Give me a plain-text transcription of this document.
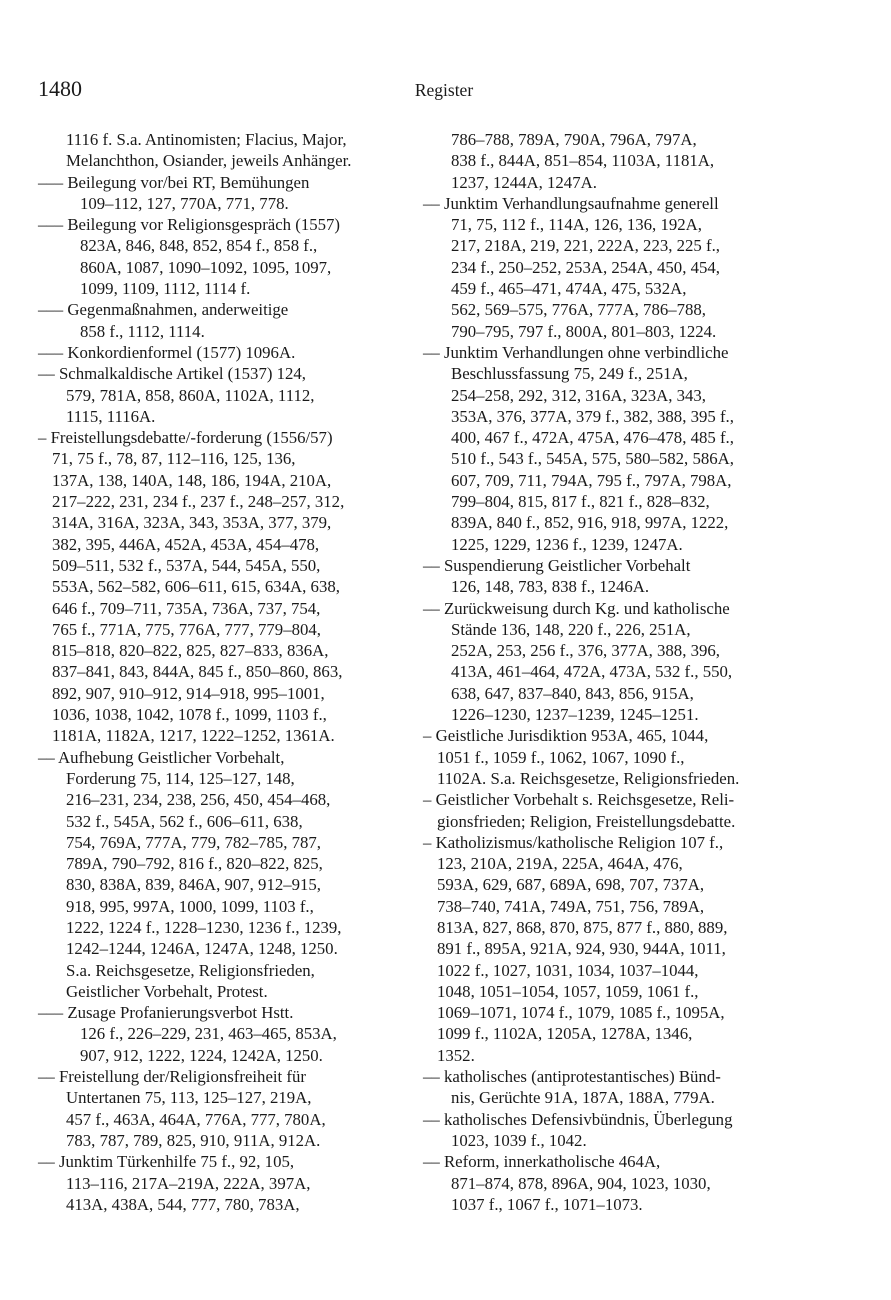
1480	Register
1116 f. S.a. Antinomisten; Flacius, Major,
Melanchthon, Osiander, jeweils Anhänger.
––– Beilegung vor/bei RT, Bemühungen
109–112, 127, 770A, 771, 778.
––– Beilegung vor Religionsgespräch (1557)
823A, 846, 848, 852, 854 f., 858 f.,
860A, 1087, 1090–1092, 1095, 1097,
1099, 1109, 1112, 1114 f.
––– Gegenmaßnahmen, anderweitige
858 f., 1112, 1114.
––– Konkordienformel (1577) 1096A.
–– Schmalkaldische Artikel (1537) 124,
579, 781A, 858, 860A, 1102A, 1112,
1115, 1116A.
– Freistellungsdebatte/-forderung (1556/57)
71, 75 f., 78, 87, 112–116, 125, 136,
137A, 138, 140A, 148, 186, 194A, 210A,
217–222, 231, 234 f., 237 f., 248–257, 312,
314A, 316A, 323A, 343, 353A, 377, 379,
382, 395, 446A, 452A, 453A, 454–478,
509–511, 532 f., 537A, 544, 545A, 550,
553A, 562–582, 606–611, 615, 634A, 638,
646 f., 709–711, 735A, 736A, 737, 754,
765 f., 771A, 775, 776A, 777, 779–804,
815–818, 820–822, 825, 827–833, 836A,
837–841, 843, 844A, 845 f., 850–860, 863,
892, 907, 910–912, 914–918, 995–1001,
1036, 1038, 1042, 1078 f., 1099, 1103 f.,
1181A, 1182A, 1217, 1222–1252, 1361A.
–– Aufhebung Geistlicher Vorbehalt,
Forderung 75, 114, 125–127, 148,
216–231, 234, 238, 256, 450, 454–468,
532 f., 545A, 562 f., 606–611, 638,
754, 769A, 777A, 779, 782–785, 787,
789A, 790–792, 816 f., 820–822, 825,
830, 838A, 839, 846A, 907, 912–915,
918, 995, 997A, 1000, 1099, 1103 f.,
1222, 1224 f., 1228–1230, 1236 f., 1239,
1242–1244, 1246A, 1247A, 1248, 1250.
S.a. Reichsgesetze, Religionsfrieden,
Geistlicher Vorbehalt, Protest.
––– Zusage Profanierungsverbot Hstt.
126 f., 226–229, 231, 463–465, 853A,
907, 912, 1222, 1224, 1242A, 1250.
–– Freistellung der/Religionsfreiheit für
Untertanen 75, 113, 125–127, 219A,
457 f., 463A, 464A, 776A, 777, 780A,
783, 787, 789, 825, 910, 911A, 912A.
–– Junktim Türkenhilfe 75 f., 92, 105,
113–116, 217A–219A, 222A, 397A,
413A, 438A, 544, 777, 780, 783A,
786–788, 789A, 790A, 796A, 797A,
838 f., 844A, 851–854, 1103A, 1181A,
1237, 1244A, 1247A.
–– Junktim Verhandlungsaufnahme generell
71, 75, 112 f., 114A, 126, 136, 192A,
217, 218A, 219, 221, 222A, 223, 225 f.,
234 f., 250–252, 253A, 254A, 450, 454,
459 f., 465–471, 474A, 475, 532A,
562, 569–575, 776A, 777A, 786–788,
790–795, 797 f., 800A, 801–803, 1224.
–– Junktim Verhandlungen ohne verbindliche
Beschlussfassung 75, 249 f., 251A,
254–258, 292, 312, 316A, 323A, 343,
353A, 376, 377A, 379 f., 382, 388, 395 f.,
400, 467 f., 472A, 475A, 476–478, 485 f.,
510 f., 543 f., 545A, 575, 580–582, 586A,
607, 709, 711, 794A, 795 f., 797A, 798A,
799–804, 815, 817 f., 821 f., 828–832,
839A, 840 f., 852, 916, 918, 997A, 1222,
1225, 1229, 1236 f., 1239, 1247A.
–– Suspendierung Geistlicher Vorbehalt
126, 148, 783, 838 f., 1246A.
–– Zurückweisung durch Kg. und katholische
Stände 136, 148, 220 f., 226, 251A,
252A, 253, 256 f., 376, 377A, 388, 396,
413A, 461–464, 472A, 473A, 532 f., 550,
638, 647, 837–840, 843, 856, 915A,
1226–1230, 1237–1239, 1245–1251.
– Geistliche Jurisdiktion 953A, 465, 1044,
1051 f., 1059 f., 1062, 1067, 1090 f.,
1102A. S.a. Reichsgesetze, Religionsfrieden.
– Geistlicher Vorbehalt s. Reichsgesetze, Reli-
gionsfrieden; Religion, Freistellungsdebatte.
– Katholizismus/katholische Religion 107 f.,
123, 210A, 219A, 225A, 464A, 476,
593A, 629, 687, 689A, 698, 707, 737A,
738–740, 741A, 749A, 751, 756, 789A,
813A, 827, 868, 870, 875, 877 f., 880, 889,
891 f., 895A, 921A, 924, 930, 944A, 1011,
1022 f., 1027, 1031, 1034, 1037–1044,
1048, 1051–1054, 1057, 1059, 1061 f.,
1069–1071, 1074 f., 1079, 1085 f., 1095A,
1099 f., 1102A, 1205A, 1278A, 1346,
1352.
–– katholisches (antiprotestantisches) Bünd-
nis, Gerüchte 91A, 187A, 188A, 779A.
–– katholisches Defensivbündnis, Überlegung
1023, 1039 f., 1042.
–– Reform, innerkatholische 464A,
871–874, 878, 896A, 904, 1023, 1030,
1037 f., 1067 f., 1071–1073.
